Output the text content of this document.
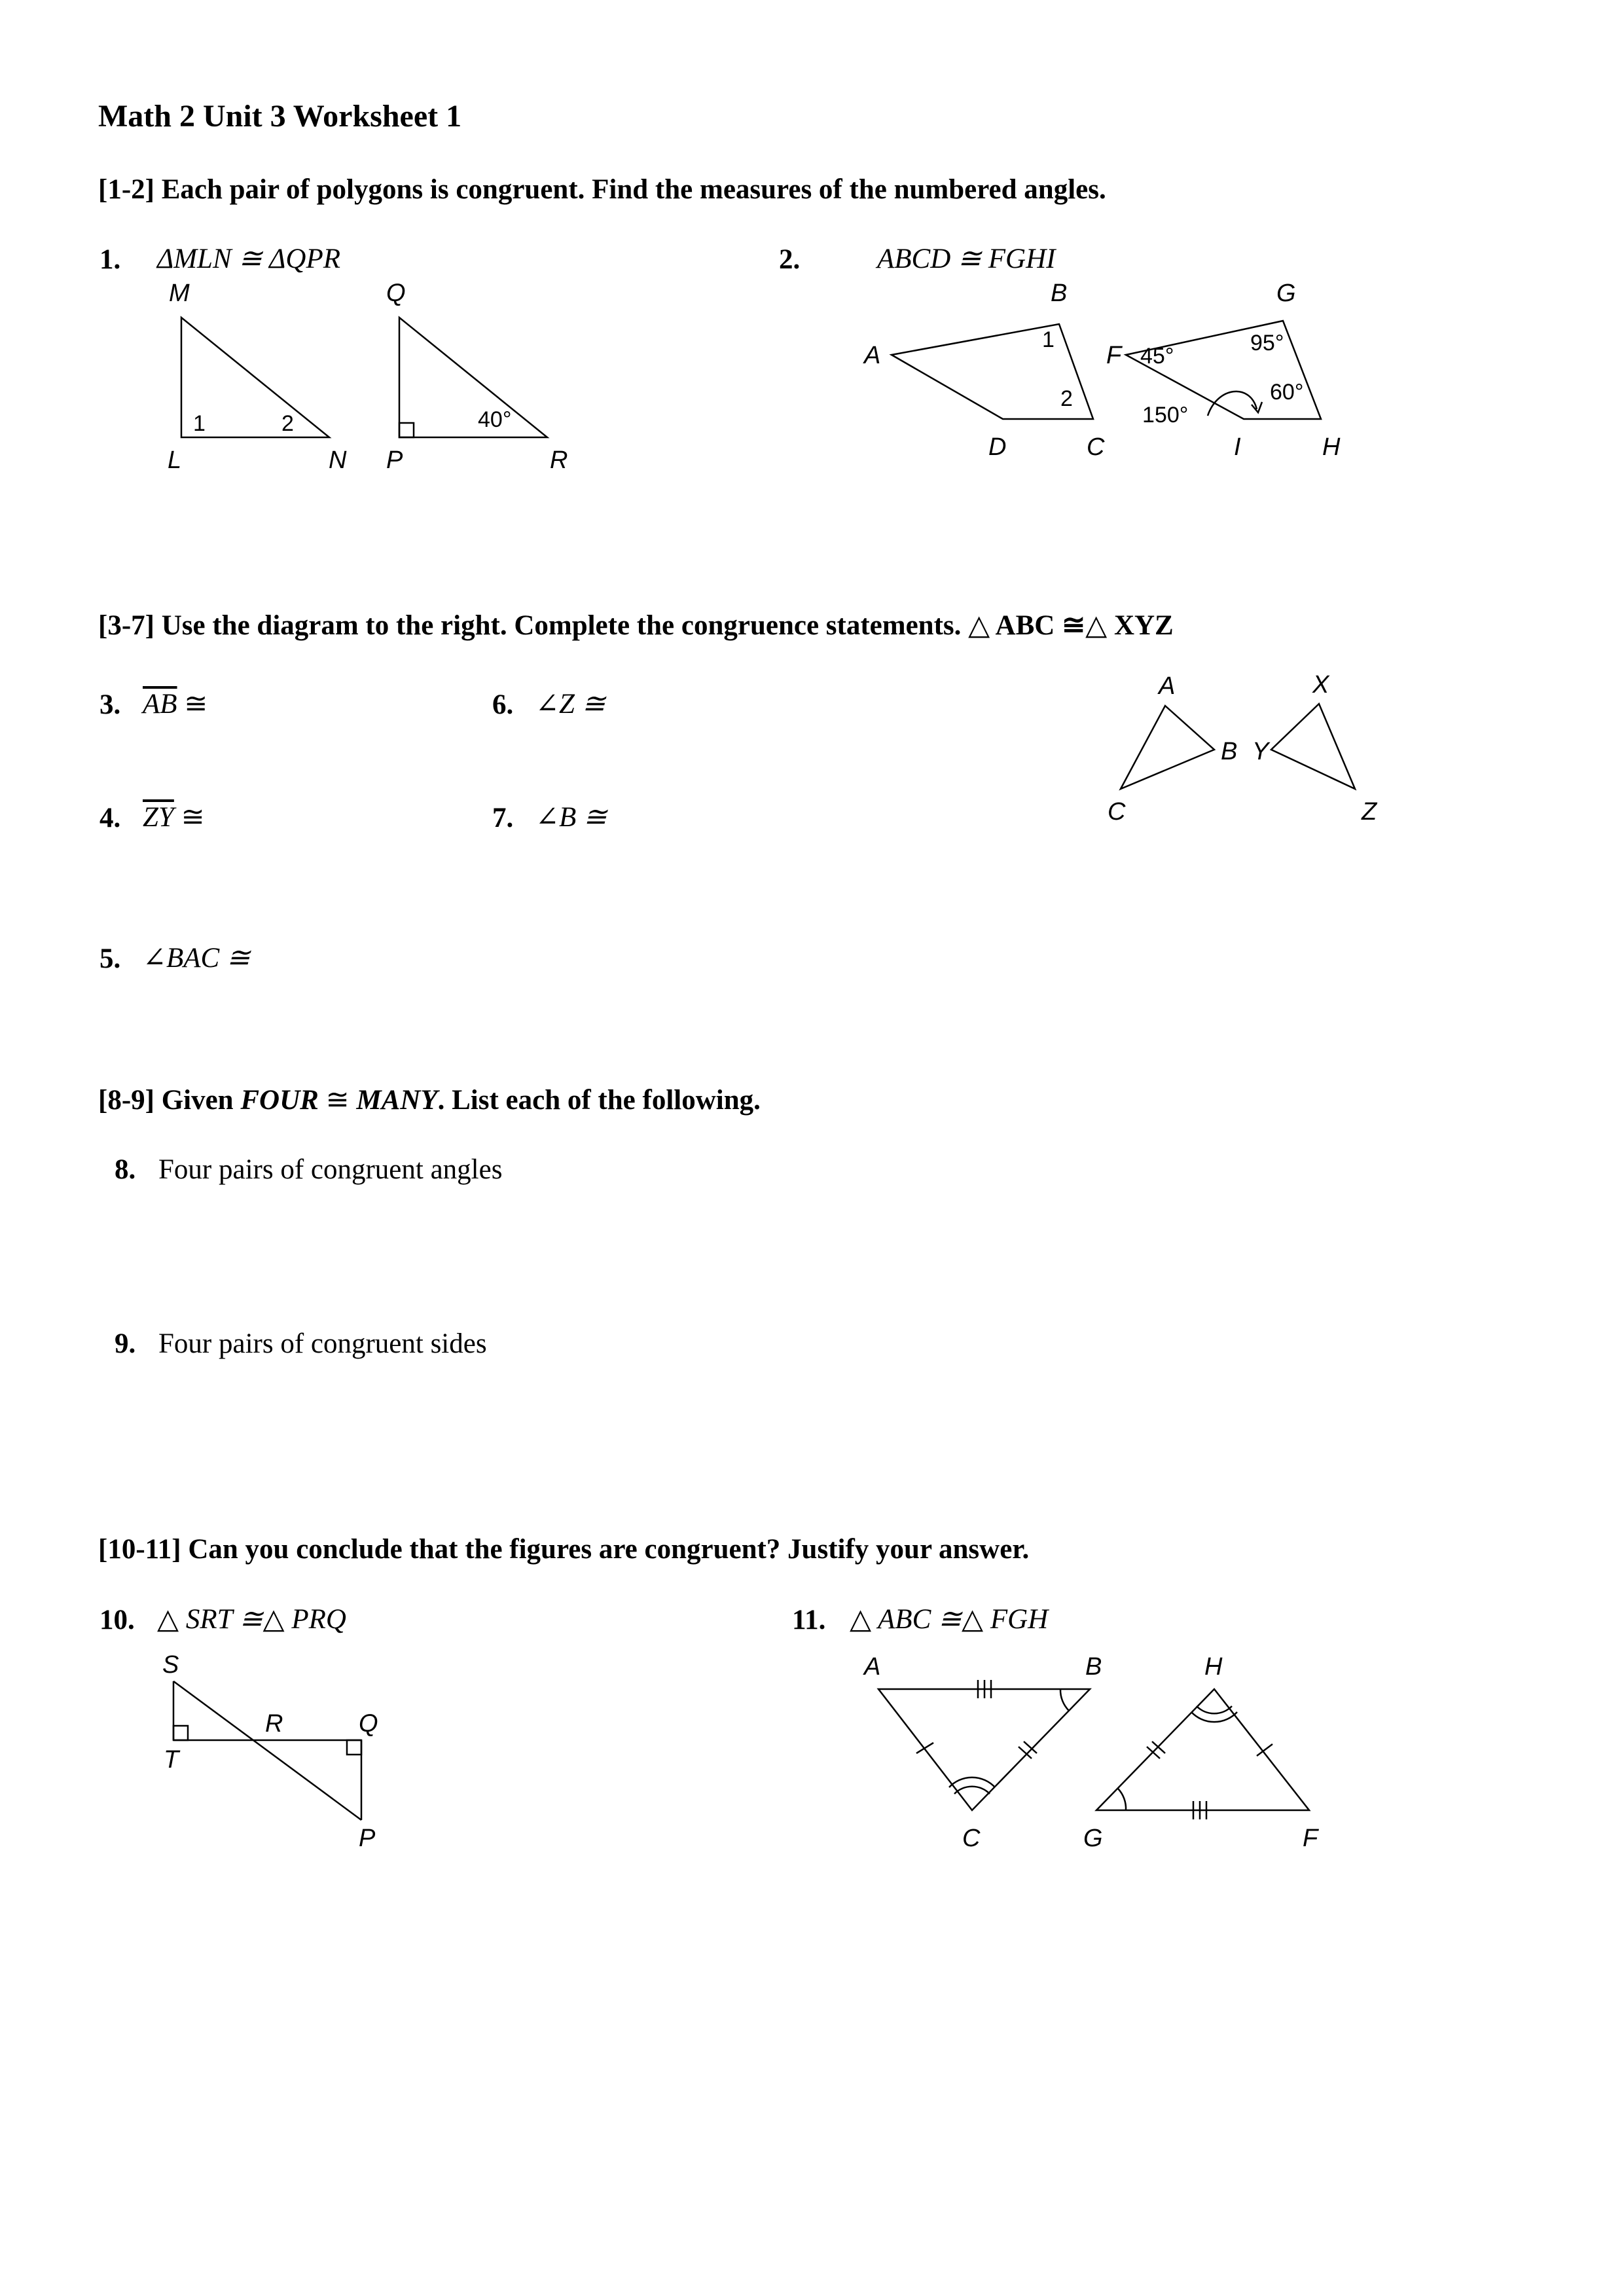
Math 2 Unit 3 Worksheet 1
[1-2] Each pair of polygons is congruent. Find the measures of the numbered angles.
1. ΔMLN ≅ ΔQPR	2.	ABCD ≅ FGHI
M
L	N
Q
P	R
1	2	40°
A
B
C
D
F
G
H
I
1
2
45°
95°
60°
150°
[3-7] Use the diagram to the right. Complete the congruence statements. △ ABC ≅△ XYZ
3. $\overline{AB}$ ≅	6. ∠Z ≅
4. $\overline{ZY}$ ≅	7. ∠B ≅
5. ∠BAC ≅
A
B
C
X
Y
Z
[8-9] Given FOUR ≅ MANY. List each of the following.
8. Four pairs of congruent angles
9. Four pairs of congruent sides
[10-11] Can you conclude that the figures are congruent? Justify your answer.
10. △ SRT ≅△ PRQ	11. △ ABC ≅△ FGH
S
R	Q
T
P
A	B
C
H
G	F
